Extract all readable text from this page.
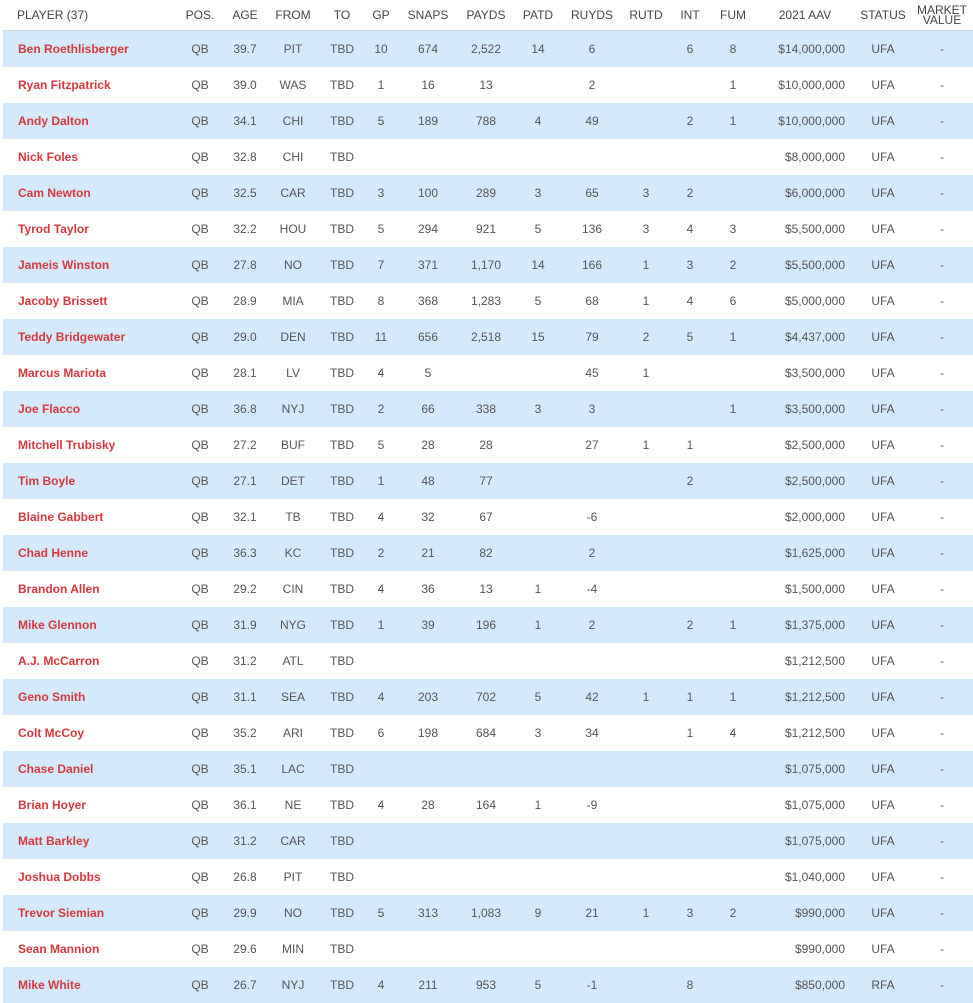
PLAYER (37)	POS.	AGE	FROM	TO	GP	SNAPS	PAYDS	PATD	RUYDS	RUTD	INT	FUM	2021 AAV	STATUS	MARKET
VALUE
Ben Roethlisberger	QB	39.7	PIT	TBD	10	674	2,522	14	6		6	8	$14,000,000	UFA	-
Ryan Fitzpatrick	QB	39.0	WAS	TBD	1	16	13		2			1	$10,000,000	UFA	-
Andy Dalton	QB	34.1	CHI	TBD	5	189	788	4	49		2	1	$10,000,000	UFA	-
Nick Foles	QB	32.8	CHI	TBD									$8,000,000	UFA	-
Cam Newton	QB	32.5	CAR	TBD	3	100	289	3	65	3	2		$6,000,000	UFA	-
Tyrod Taylor	QB	32.2	HOU	TBD	5	294	921	5	136	3	4	3	$5,500,000	UFA	-
Jameis Winston	QB	27.8	NO	TBD	7	371	1,170	14	166	1	3	2	$5,500,000	UFA	-
Jacoby Brissett	QB	28.9	MIA	TBD	8	368	1,283	5	68	1	4	6	$5,000,000	UFA	-
Teddy Bridgewater	QB	29.0	DEN	TBD	11	656	2,518	15	79	2	5	1	$4,437,000	UFA	-
Marcus Mariota	QB	28.1	LV	TBD	4	5			45	1			$3,500,000	UFA	-
Joe Flacco	QB	36.8	NYJ	TBD	2	66	338	3	3			1	$3,500,000	UFA	-
Mitchell Trubisky	QB	27.2	BUF	TBD	5	28	28		27	1	1		$2,500,000	UFA	-
Tim Boyle	QB	27.1	DET	TBD	1	48	77				2		$2,500,000	UFA	-
Blaine Gabbert	QB	32.1	TB	TBD	4	32	67		-6				$2,000,000	UFA	-
Chad Henne	QB	36.3	KC	TBD	2	21	82		2				$1,625,000	UFA	-
Brandon Allen	QB	29.2	CIN	TBD	4	36	13	1	-4				$1,500,000	UFA	-
Mike Glennon	QB	31.9	NYG	TBD	1	39	196	1	2		2	1	$1,375,000	UFA	-
A.J. McCarron	QB	31.2	ATL	TBD									$1,212,500	UFA	-
Geno Smith	QB	31.1	SEA	TBD	4	203	702	5	42	1	1	1	$1,212,500	UFA	-
Colt McCoy	QB	35.2	ARI	TBD	6	198	684	3	34		1	4	$1,212,500	UFA	-
Chase Daniel	QB	35.1	LAC	TBD									$1,075,000	UFA	-
Brian Hoyer	QB	36.1	NE	TBD	4	28	164	1	-9				$1,075,000	UFA	-
Matt Barkley	QB	31.2	CAR	TBD									$1,075,000	UFA	-
Joshua Dobbs	QB	26.8	PIT	TBD									$1,040,000	UFA	-
Trevor Siemian	QB	29.9	NO	TBD	5	313	1,083	9	21	1	3	2	$990,000	UFA	-
Sean Mannion	QB	29.6	MIN	TBD									$990,000	UFA	-
Mike White	QB	26.7	NYJ	TBD	4	211	953	5	-1		8		$850,000	RFA	-
